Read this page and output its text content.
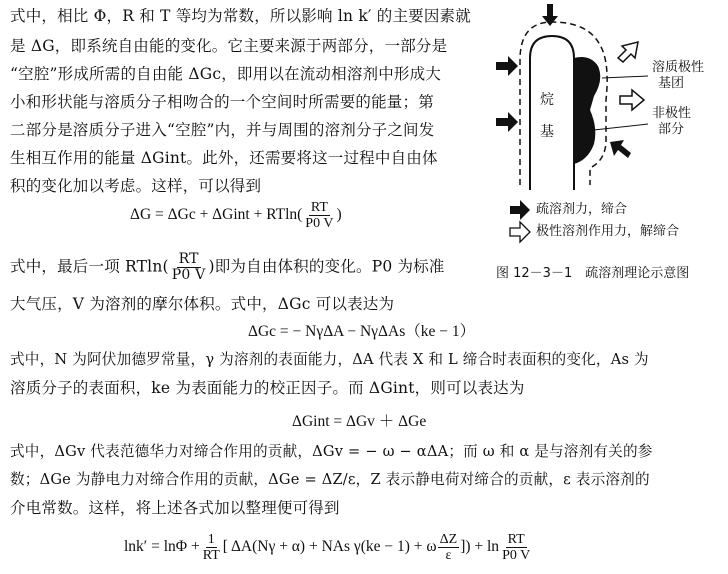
式中，相比 Φ，R 和 T 等均为常数，所以影响 ln k′ 的主要因素就
是 ΔG，即系统自由能的变化。它主要来源于两部分，一部分是
“空腔”形成所需的自由能 ΔGc，即用以在流动相溶剂中形成大
小和形状能与溶质分子相吻合的一个空间时所需要的能量；第
二部分是溶质分子进入“空腔”内，并与周围的溶剂分子之间发
生相互作用的能量 ΔGint。此外，还需要将这一过程中自由体
积的变化加以考虑。这样，可以得到
ΔG = ΔGc + ΔGint + $RTln( \frac{RT}{P0 V}$ )
式中，最后一项 $RTln( \frac{RT}{P0 V}$ )即为自由体积的变化。P0 为标准
大气压，V 为溶剂的摩尔体积。式中，ΔGc 可以表达为
ΔGc = − NγΔA − NγΔAs（ke − 1）
式中，N 为阿伏加德罗常量，γ 为溶剂的表面能力，ΔA 代表 X 和 L 缔合时表面积的变化，As 为
溶质分子的表面积，ke 为表面能力的校正因子。而 ΔGint，则可以表达为
ΔGint = ΔGv ＋ ΔGe
式中，ΔGv 代表范德华力对缔合作用的贡献，ΔGv = − ω − αΔA；而 ω 和 α 是与溶剂有关的参
数；ΔGe 为静电力对缔合作用的贡献，ΔGe = ΔZ/ε，Z 表示静电荷对缔合的贡献，ε 表示溶剂的
介电常数。这样，将上述各式加以整理便可得到
$\ln k' = \ln\Phi + \frac{1}{RT}$ [ ΔA(Nγ + α) + NAs γ(ke − 1) + ω $\frac{\Delta Z}{\varepsilon}$ ]) + $\ln \frac{RT}{P0 V}$
烷
基
溶质极性
基团
非极性
部分
疏溶剂力，缔合
极性溶剂作用力，解缔合
图 12－3－1　疏溶剂理论示意图
